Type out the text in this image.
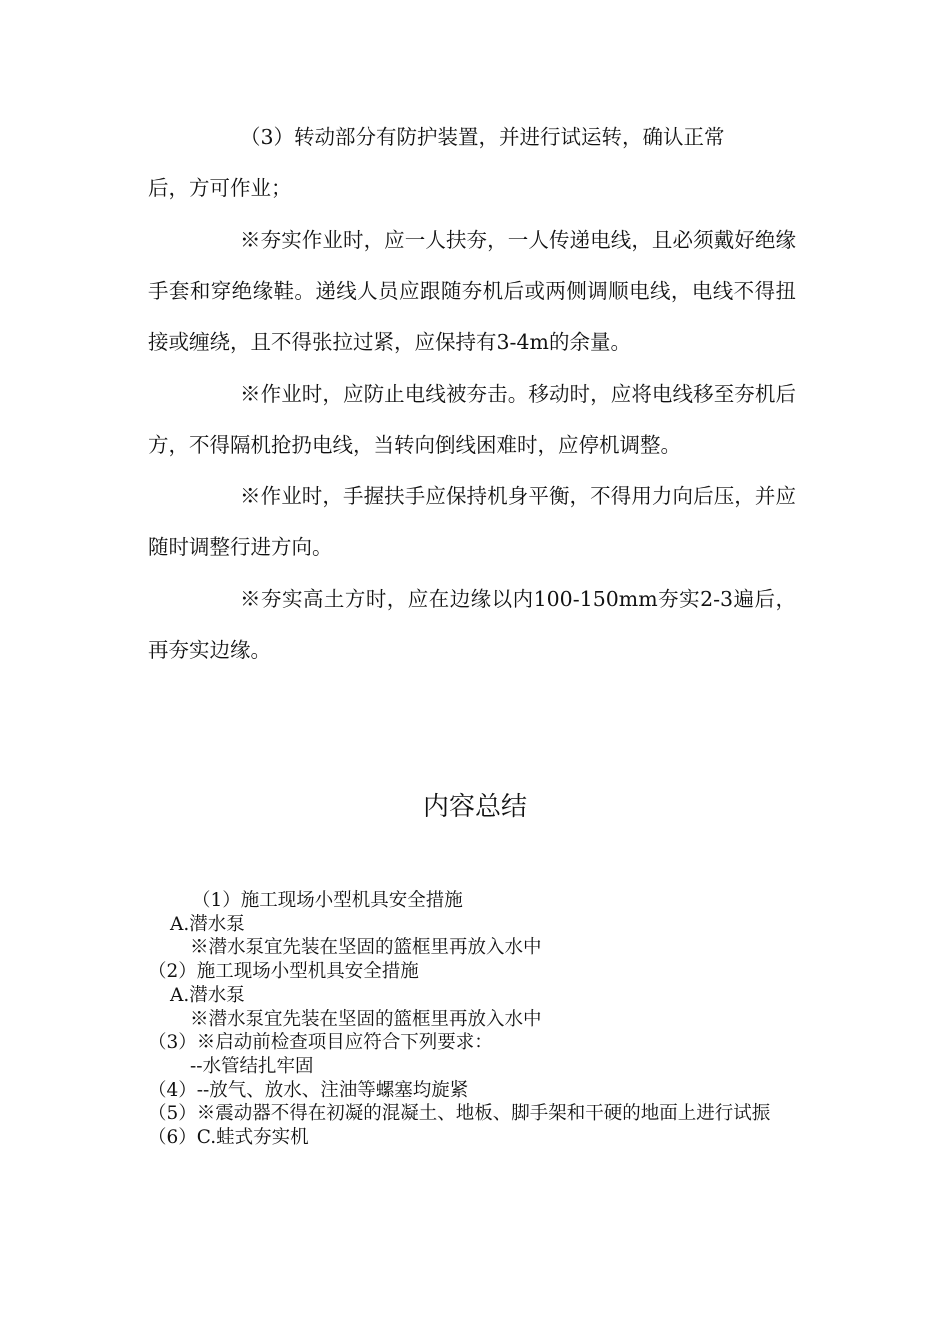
（3）转动部分有防护装置，并进行试运转，确认正常
后，方可作业；

※夯实作业时，应一人扶夯，一人传递电线，且必须戴好绝缘手套和穿绝缘鞋。递线人员应跟随夯机后或两侧调顺电线，电线不得扭接或缠绕，且不得张拉过紧，应保持有3-4m的余量。

※作业时，应防止电线被夯击。移动时，应将电线移至夯机后方，不得隔机抢扔电线，当转向倒线困难时，应停机调整。

※作业时，手握扶手应保持机身平衡，不得用力向后压，并应随时调整行进方向。

※夯实高土方时，应在边缘以内100-150mm夯实2-3遍后，再夯实边缘。

内容总结
（1）施工现场小型机具安全措施
A.潜水泵
※潜水泵宜先装在坚固的篮框里再放入水中
（2）施工现场小型机具安全措施
A.潜水泵
※潜水泵宜先装在坚固的篮框里再放入水中
（3）※启动前检查项目应符合下列要求：
--水管结扎牢固
（4）--放气、放水、注油等螺塞均旋紧
（5）※震动器不得在初凝的混凝土、地板、脚手架和干硬的地面上进行试振
（6）C.蛙式夯实机
